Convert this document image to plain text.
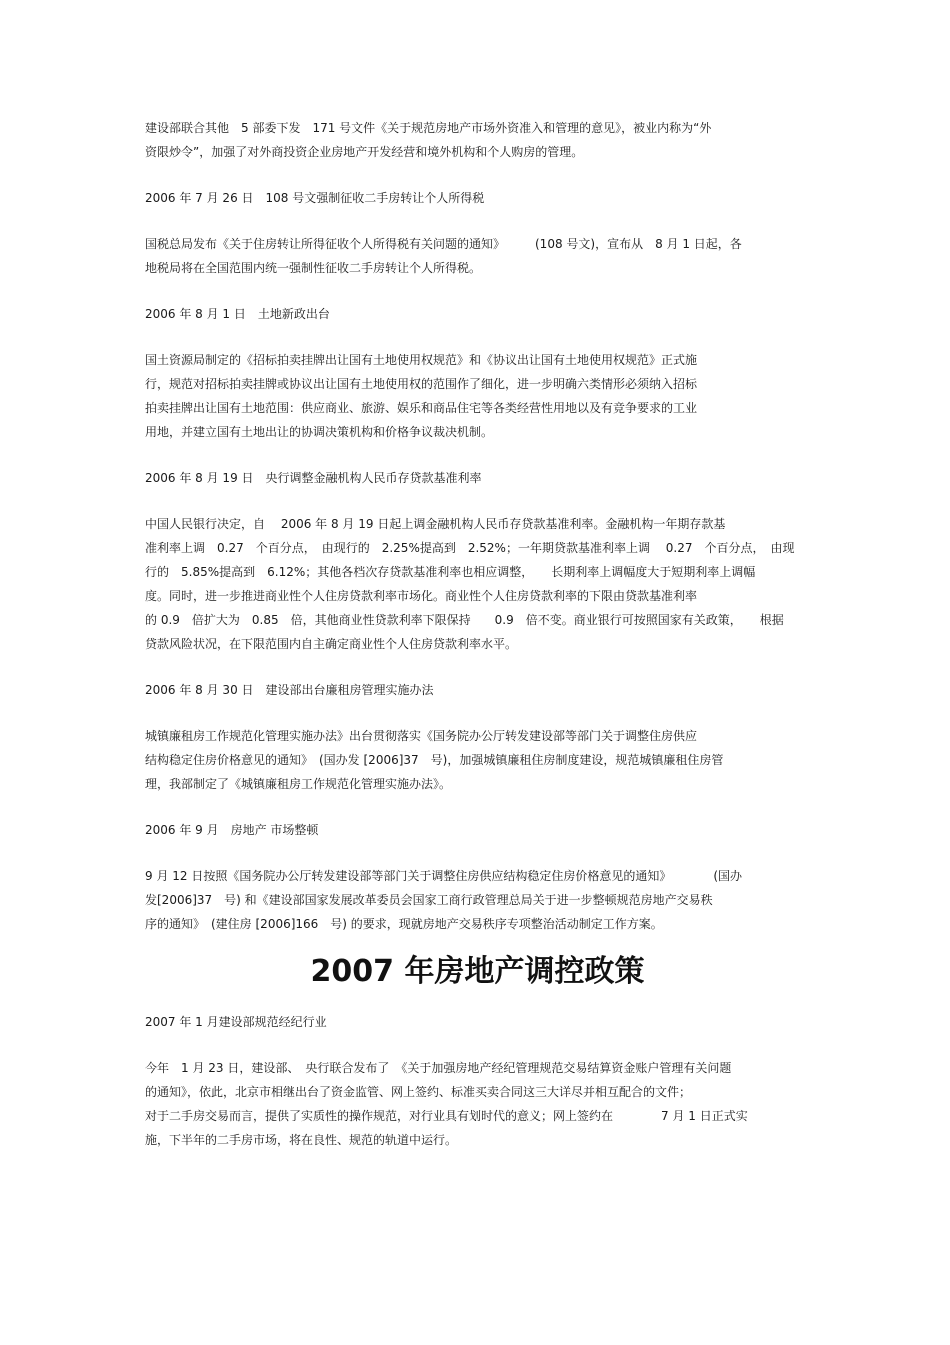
建设部联合其他　5 部委下发　171 号文件《关于规范房地产市场外资准入和管理的意见》，被业内称为“外
资限炒令”，加强了对外商投资企业房地产开发经营和境外机构和个人购房的管理。

2006 年 7 月 26 日　108 号文强制征收二手房转让个人所得税

国税总局发布《关于住房转让所得征收个人所得税有关问题的通知》　　　(108 号文)，宣布从　8 月 1 日起，各
地税局将在全国范围内统一强制性征收二手房转让个人所得税。

2006 年 8 月 1 日　土地新政出台

国土资源局制定的《招标拍卖挂牌出让国有土地使用权规范》和《协议出让国有土地使用权规范》正式施
行，规范对招标拍卖挂牌或协议出让国有土地使用权的范围作了细化，进一步明确六类情形必须纳入招标
拍卖挂牌出让国有土地范围：供应商业、旅游、娱乐和商品住宅等各类经营性用地以及有竞争要求的工业
用地，并建立国有土地出让的协调决策机构和价格争议裁决机制。

2006 年 8 月 19 日　央行调整金融机构人民币存贷款基准利率

中国人民银行决定，自　 2006 年 8 月 19 日起上调金融机构人民币存贷款基准利率。金融机构一年期存款基
准利率上调　0.27　个百分点，　由现行的　2.25%提高到　2.52%；一年期贷款基准利率上调　 0.27　个百分点，　由现
行的　5.85%提高到　6.12%；其他各档次存贷款基准利率也相应调整，　　长期利率上调幅度大于短期利率上调幅
度。同时，进一步推进商业性个人住房贷款利率市场化。商业性个人住房贷款利率的下限由贷款基准利率
的 0.9　倍扩大为　0.85　倍，其他商业性贷款利率下限保持　　0.9　倍不变。商业银行可按照国家有关政策，　　根据
贷款风险状况，在下限范围内自主确定商业性个人住房贷款利率水平。

2006 年 8 月 30 日　建设部出台廉租房管理实施办法

城镇廉租房工作规范化管理实施办法》出台贯彻落实《国务院办公厅转发建设部等部门关于调整住房供应
结构稳定住房价格意见的通知》　(国办发 [2006]37　号)，加强城镇廉租住房制度建设，规范城镇廉租住房管
理，我部制定了《城镇廉租房工作规范化管理实施办法》。

2006 年 9 月　房地产 市场整顿

9 月 12 日按照《国务院办公厅转发建设部等部门关于调整住房供应结构稳定住房价格意见的通知》　　　　(国办
发[2006]37　号) 和《建设部国家发展改革委员会国家工商行政管理总局关于进一步整顿规范房地产交易秩
序的通知》　(建住房 [2006]166　号) 的要求，现就房地产交易秩序专项整治活动制定工作方案。

2007 年房地产调控政策

2007 年 1 月建设部规范经纪行业

今年　1 月 23 日，建设部、　央行联合发布了　《关于加强房地产经纪管理规范交易结算资金账户管理有关问题
的通知》，依此，北京市相继出台了资金监管、网上签约、标准买卖合同这三大详尽并相互配合的文件；
对于二手房交易而言，提供了实质性的操作规范，对行业具有划时代的意义；网上签约在　　　　7 月 1 日正式实
施，下半年的二手房市场，将在良性、规范的轨道中运行。
